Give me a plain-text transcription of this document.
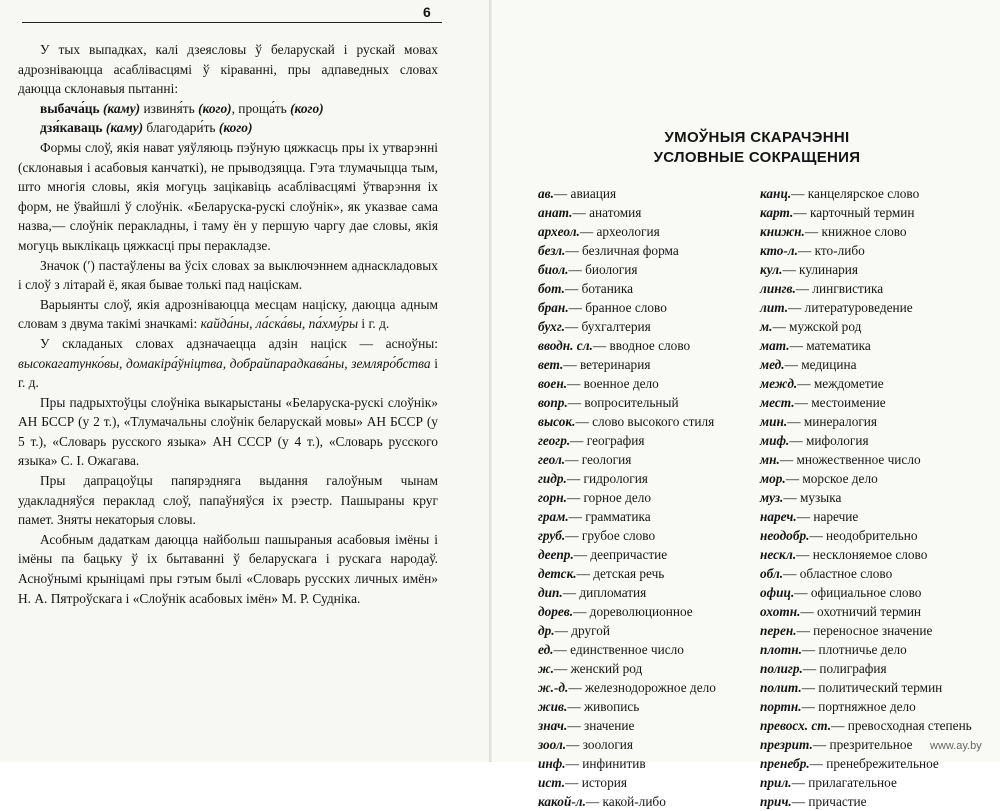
6

У тых выпадках, калі дзеясловы ў беларускай і рускай мовах адрозніваюцца асаблівасцямі ў кіраванні, пры адпаведных словах даюцца склонавыя пытанні:

выбача́ць (каму) извиня́ть (кого), проща́ть (кого)

дзя́каваць (каму) благодари́ть (кого)

Формы слоў, якія нават уяўляюць пэўную цяжкасць пры іх утварэнні (склонавыя і асабовыя канчаткі), не прыводзяцца. Гэта тлумачыцца тым, што многія словы, якія могуць зацікавіць асаблівасцямі ўтварэння іх форм, не ўвайшлі ў слоўнік. «Беларуска-рускі слоўнік», як указвае сама назва,— слоўнік перакладны, і таму ён у першую чаргу дае словы, якія могуць выклікаць цяжкасці пры перакладзе.

Значок (′) пастаўлены ва ўсіх словах за выключэннем аднаскладовых і слоў з літарай ё, якая бывае толькі пад націскам.

Варыянты слоў, якія адрозніваюцца месцам націску, даюцца адным словам з двума такімі значкамі: кайда́ны, ла́ска́вы, па́хму́ры і г. д.

У складаных словах адзначаецца адзін націск — асноўны: высокагатунко́вы, домакіра́ўніцтва, добрайпарадкава́ны, земляро́бства і г. д.

Пры падрыхтоўцы слоўніка выкарыстаны «Беларуска-рускі слоўнік» АН БССР (у 2 т.), «Тлумачальны слоўнік беларускай мовы» АН БССР (у 5 т.), «Словарь русского языка» АН СССР (у 4 т.), «Словарь русского языка» С. І. Ожагава.

Пры дапрацоўцы папярэдняга выдання галоўным чынам удакладняўся пераклад слоў, папаўняўся іх рэестр. Пашыраны круг памет. Зняты некаторыя словы.

Асобным дадаткам даюцца найбольш пашыраныя асабовыя імёны і імёны па бацьку ў іх бытаванні ў беларускага і рускага народаў. Асноўнымі крыніцамі пры гэтым былі «Словарь русских личных имён» Н. А. Пятроўскага і «Слоўнік асабовых імён» М. Р. Суднікa.

УМОЎНЫЯ СКАРАЧЭННІ
УСЛОВНЫЕ СОКРАЩЕНИЯ
ав.— авиация
анат.— анатомия
археол.— археология
безл.— безличная форма
биол.— биология
бот.— ботаника
бран.— бранное слово
бухг.— бухгалтерия
вводн. сл.— вводное слово
вет.— ветеринария
воен.— военное дело
вопр.— вопросительный
высок.— слово высокого стиля
геогр.— география
геол.— геология
гидр.— гидрология
горн.— горное дело
грам.— грамматика
груб.— грубое слово
деепр.— деепричастие
детск.— детская речь
дип.— дипломатия
дорев.— дореволюционное
др.— другой
ед.— единственное число
ж.— женский род
ж.-д.— железнодорожное дело
жив.— живопись
знач.— значение
зоол.— зоология
инф.— инфинитив
ист.— история
какой-л.— какой-либо
канц.— канцелярское слово
карт.— карточный термин
книжн.— книжное слово
кто-л.— кто-либо
кул.— кулинария
лингв.— лингвистика
лит.— литературоведение
м.— мужской род
мат.— математика
мед.— медицина
межд.— междометие
мест.— местоимение
мин.— минералогия
миф.— мифология
мн.— множественное число
мор.— морское дело
муз.— музыка
нареч.— наречие
неодобр.— неодобрительно
нескл.— несклоняемое слово
обл.— областное слово
офиц.— официальное слово
охотн.— охотничий термин
перен.— переносное значение
плотн.— плотничье дело
полигр.— полиграфия
полит.— политический термин
портн.— портняжное дело
превосх. ст.— превосходная степень
презрит.— презрительное
пренебр.— пренебрежительное
прил.— прилагательное
прич.— причастие
www.ay.by
